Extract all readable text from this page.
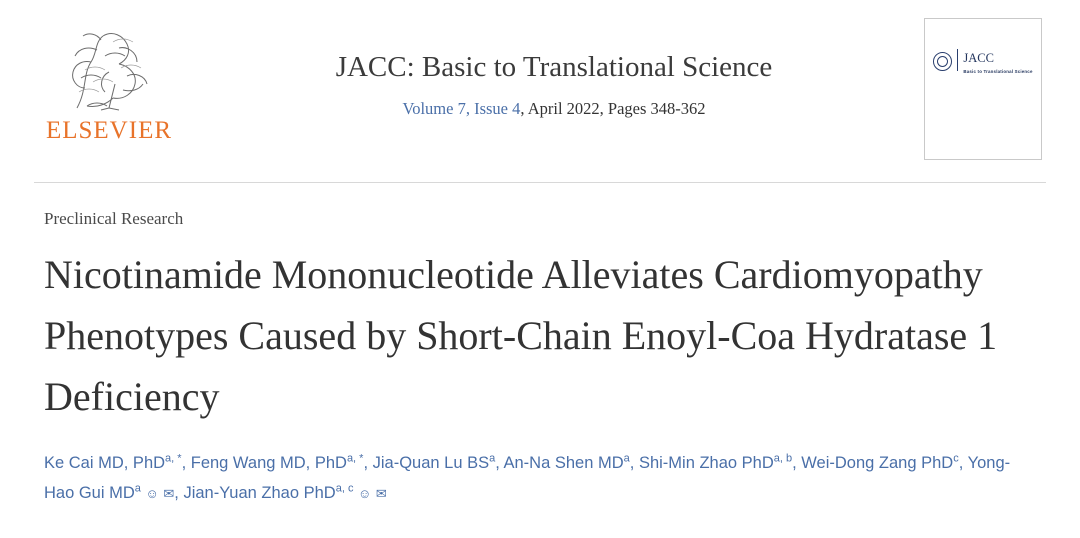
ELSEVIER
JACC: Basic to Translational Science
Volume 7, Issue 4, April 2022, Pages 348-362
JACC
Basic to Translational Science
Preclinical Research
Nicotinamide Mononucleotide Alleviates Cardiomyopathy Phenotypes Caused by Short-Chain Enoyl-Coa Hydratase 1 Deficiency
Ke Cai MD, PhD$^{a, *}$, Feng Wang MD, PhD$^{a, *}$, Jia-Quan Lu $BS^a$, An-Na Shen $MD^a$, Shi-Min Zhao PhD$^{a, b}$, Wei-Dong Zang PhD$^c$, Yong-Hao Gui $MD^a$ ☺ ✉, Jian-Yuan Zhao PhD$^{a, c}$ ☺ ✉
